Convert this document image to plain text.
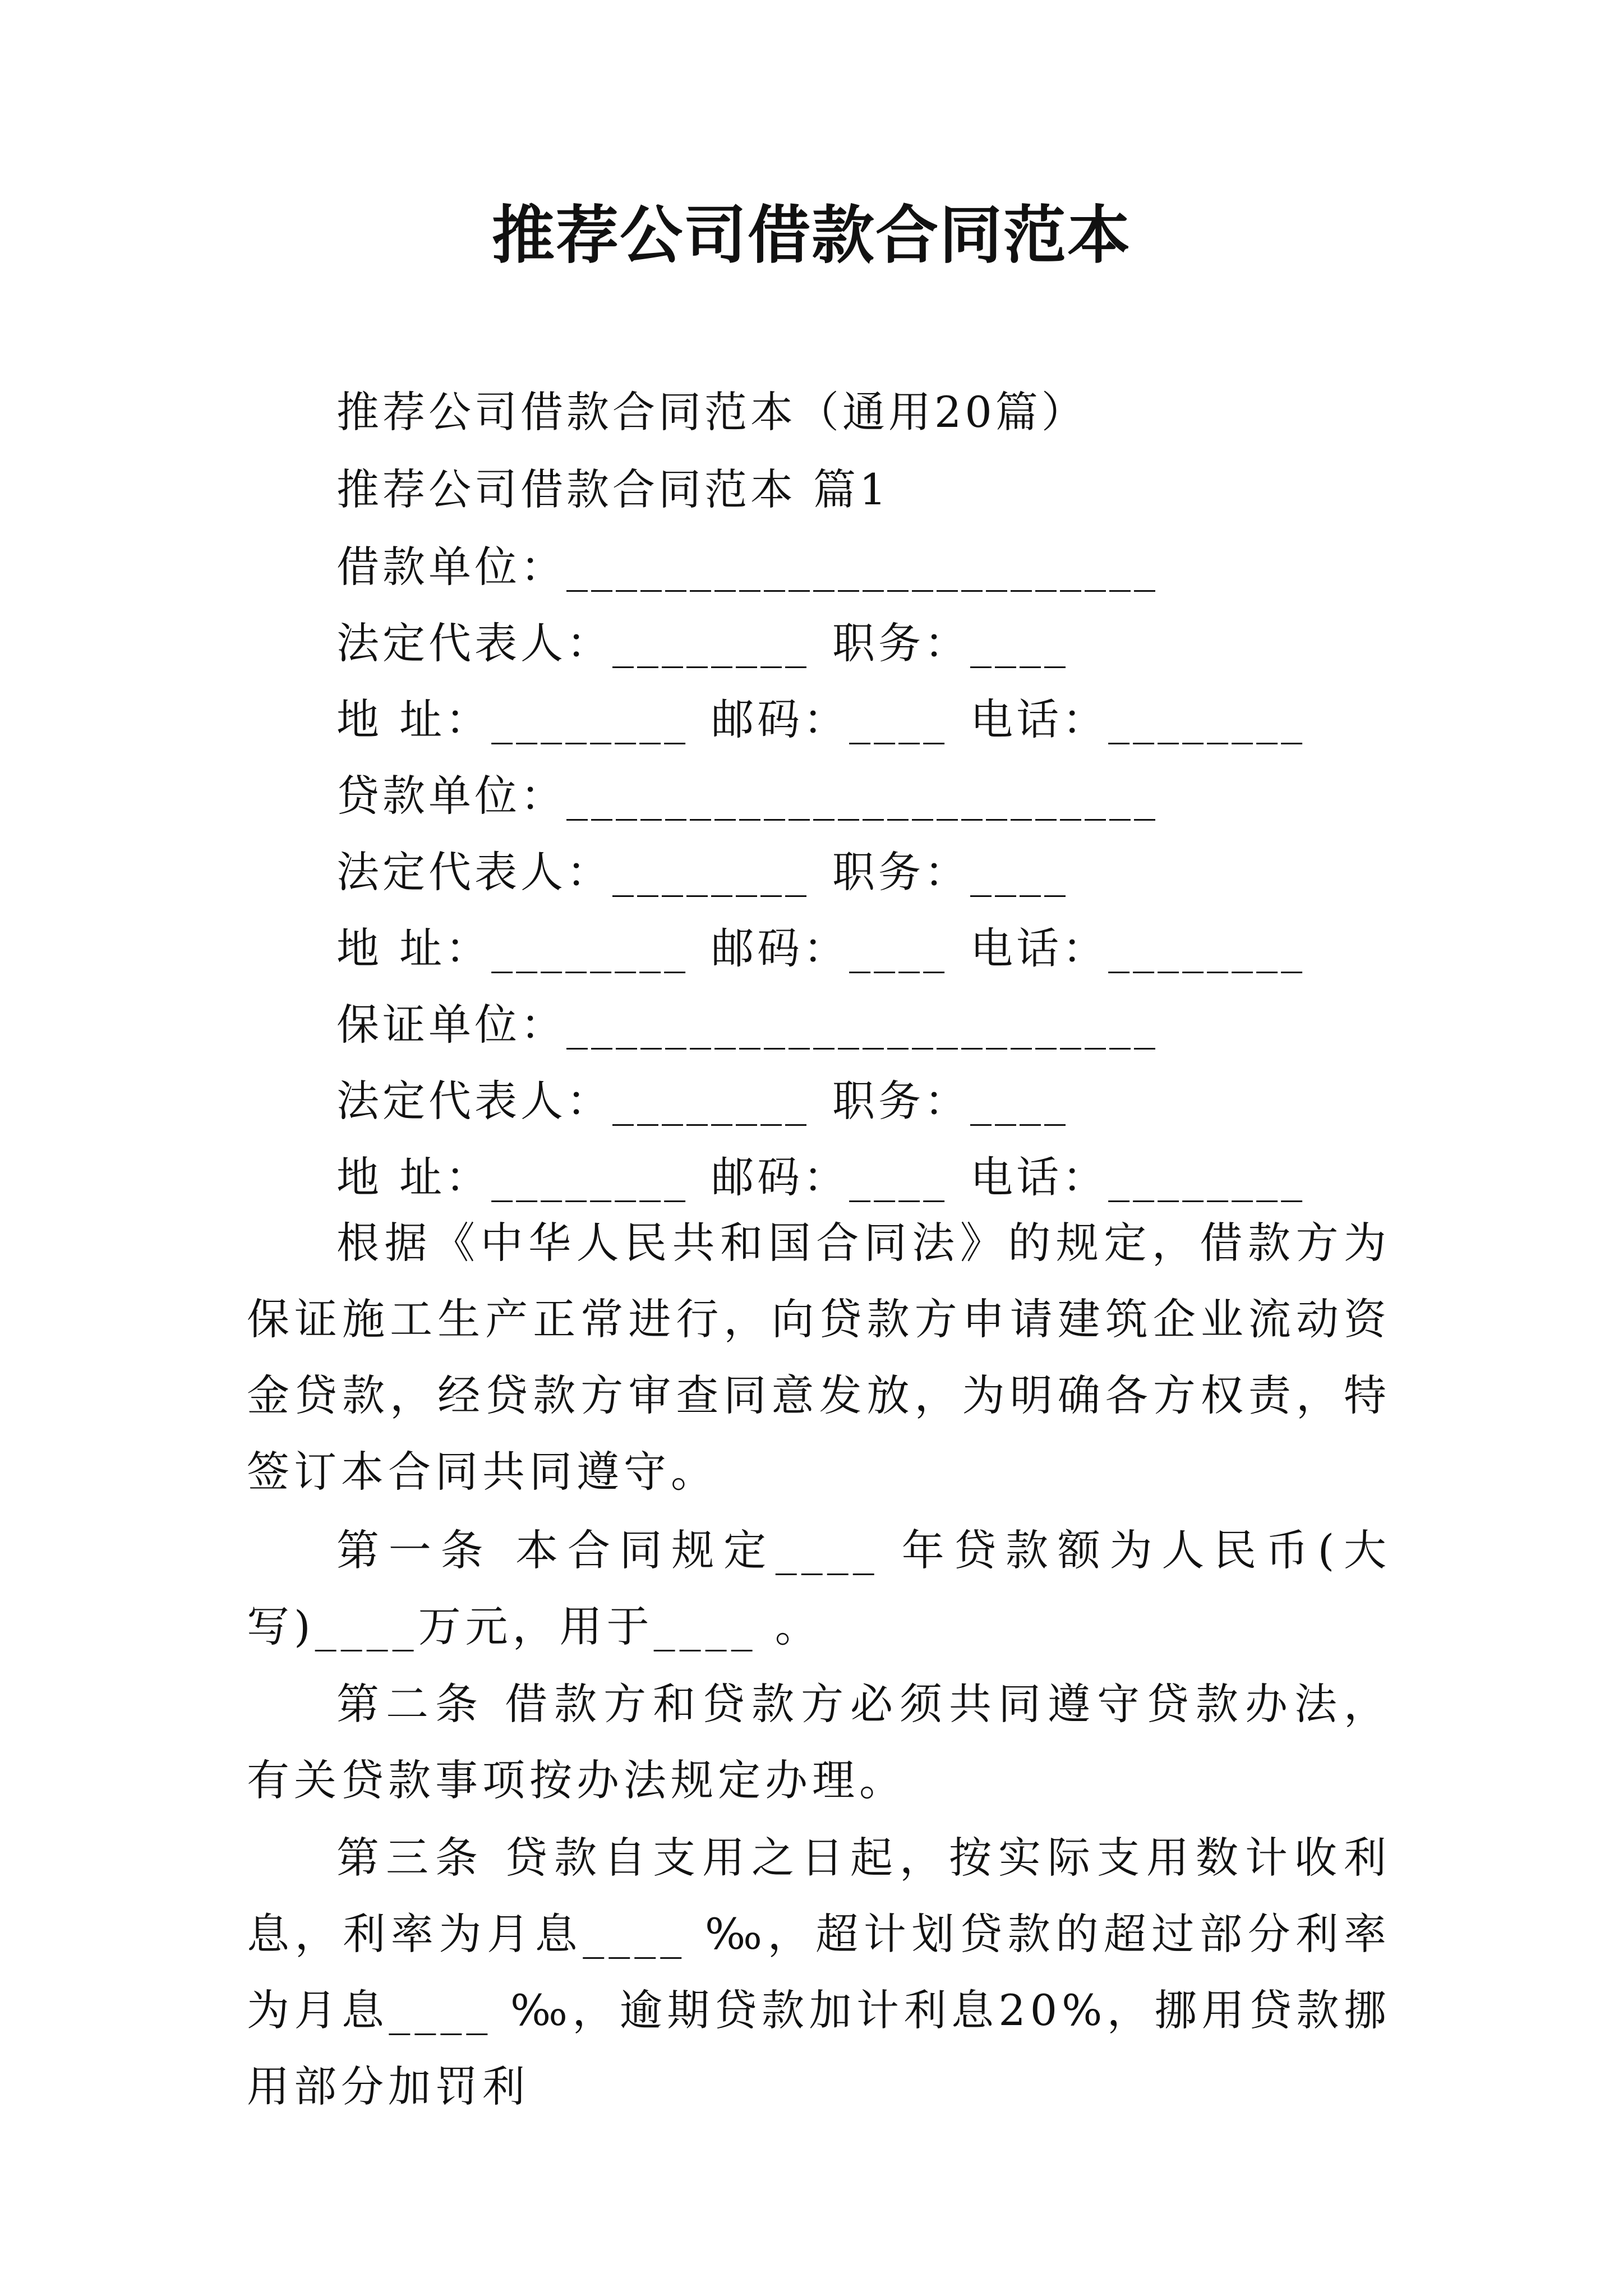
推荐公司借款合同范本
推荐公司借款合同范本（通用20篇）
推荐公司借款合同范本 篇1
借款单位：________________________
法定代表人：________ 职务：____
地 址：________ 邮码：____ 电话：________
贷款单位：________________________
法定代表人：________ 职务：____
地 址：________ 邮码：____ 电话：________
保证单位：________________________
法定代表人：________ 职务：____
地 址：________ 邮码：____ 电话：________

根据《中华人民共和国合同法》的规定，借款方为保证施工生产正常进行，向贷款方申请建筑企业流动资金贷款，经贷款方审查同意发放，为明确各方权责，特签订本合同共同遵守。

第一条 本合同规定____ 年贷款额为人民币(大写)____万元，用于____ 。

第二条 借款方和贷款方必须共同遵守贷款办法，有关贷款事项按办法规定办理。

第三条 贷款自支用之日起，按实际支用数计收利息，利率为月息____ ‰，超计划贷款的超过部分利率为月息____ ‰，逾期贷款加计利息20%，挪用贷款挪用部分加罚利
